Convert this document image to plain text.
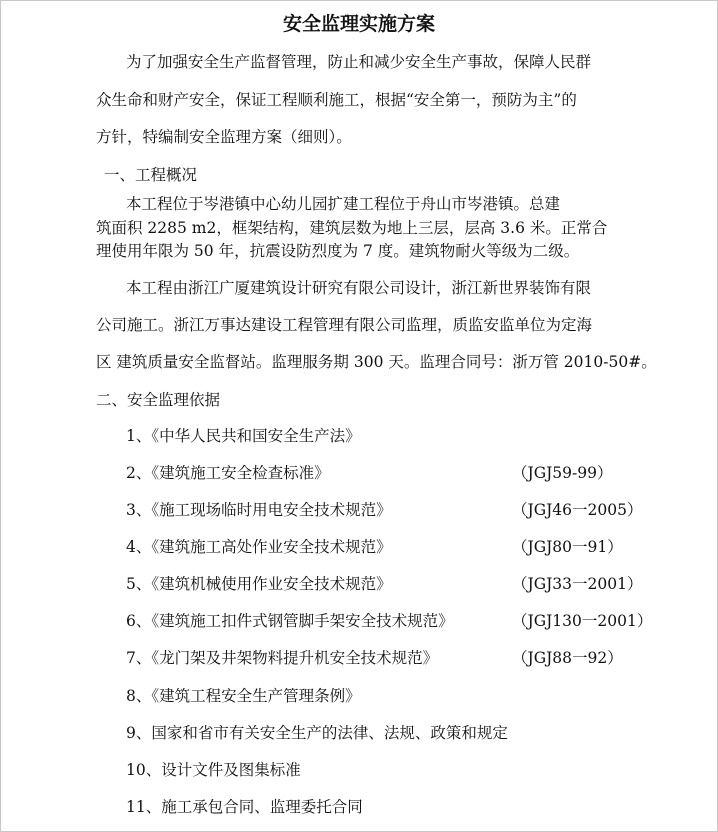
安全监理实施方案
为了加强安全生产监督管理，防止和减少安全生产事故，保障人民群
众生命和财产安全，保证工程顺利施工，根据“安全第一，预防为主”的
方针，特编制安全监理方案（细则）。
一、工程概况
本工程位于岑港镇中心幼儿园扩建工程位于舟山市岑港镇。总建
筑面积 2285 m2，框架结构，建筑层数为地上三层，层高 3.6 米。正常合
理使用年限为 50 年，抗震设防烈度为 7 度。建筑物耐火等级为二级。
本工程由浙江广厦建筑设计研究有限公司设计，浙江新世界装饰有限
公司施工。浙江万事达建设工程管理有限公司监理，质监安监单位为定海
区 建筑质量安全监督站。监理服务期 300 天。监理合同号：浙万管 2010-50#。
二、安全监理依据
1、《中华人民共和国安全生产法》
2、《建筑施工安全检查标准》	（JGJ59-99）
3、《施工现场临时用电安全技术规范》	（JGJ46一2005）
4、《建筑施工高处作业安全技术规范》	（JGJ80一91）
5、《建筑机械使用作业安全技术规范》	（JGJ33一2001）
6、《建筑施工扣件式钢管脚手架安全技术规范》	（JGJ130一2001）
7、《龙门架及井架物料提升机安全技术规范》	（JGJ88一92）
8、《建筑工程安全生产管理条例》
9、国家和省市有关安全生产的法律、法规、政策和规定
10、设计文件及图集标准
11、施工承包合同、监理委托合同
